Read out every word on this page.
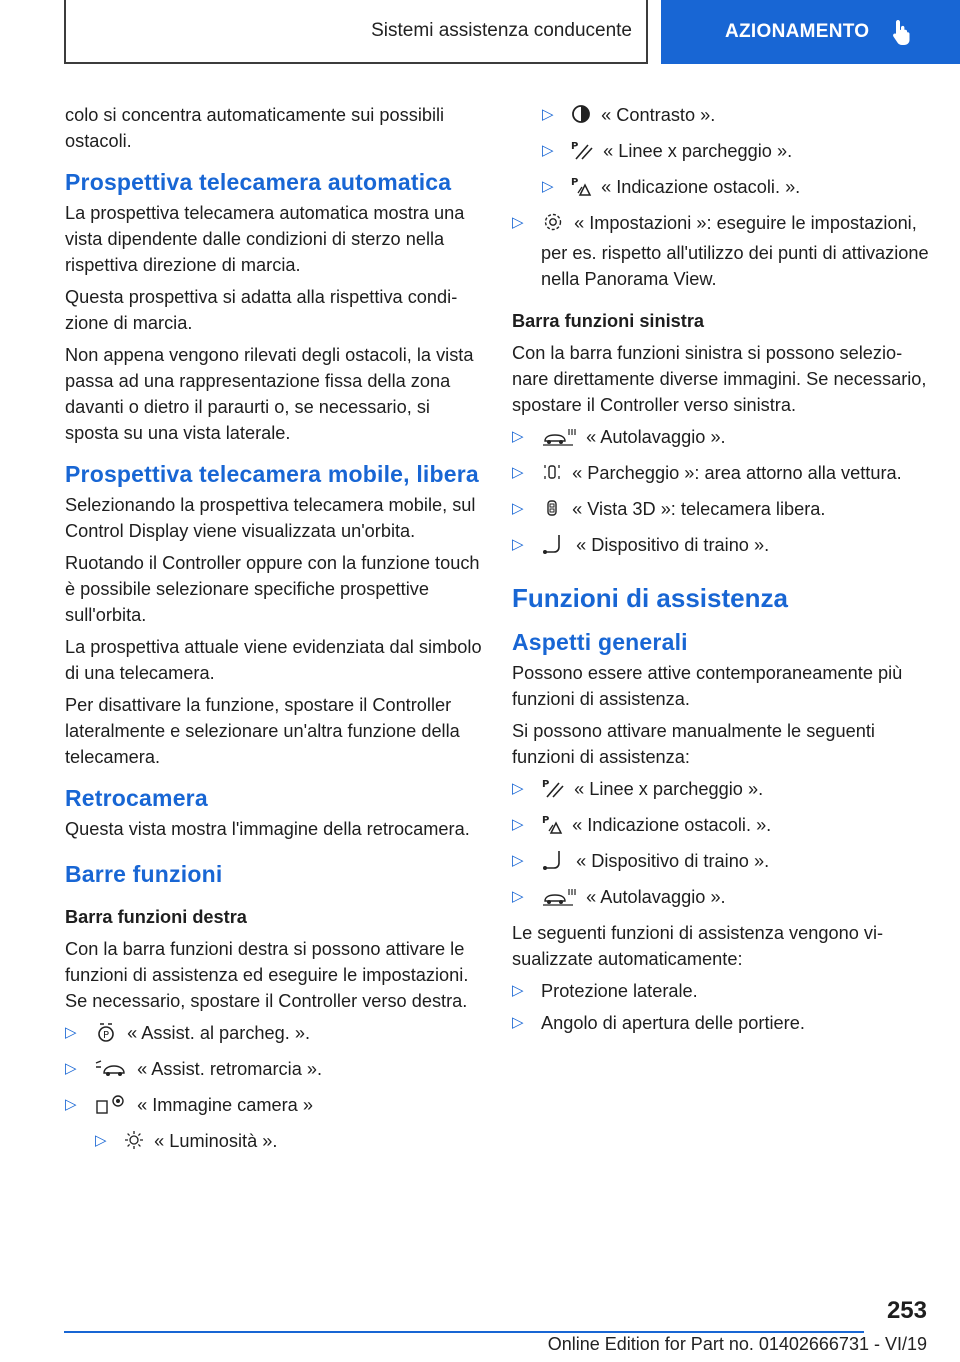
Sistemi assistenza conducente	AZIONAMENTO

colo si concentra automaticamente sui possibili ostacoli.

Prospettiva telecamera automatica

La prospettiva telecamera automatica mostra una vista dipendente dalle condizioni di sterzo nella rispettiva direzione di marcia.

Questa prospettiva si adatta alla rispettiva condizione di marcia.

Non appena vengono rilevati degli ostacoli, la vista passa ad una rappresentazione fissa della zona davanti o dietro il paraurti o, se necessario, si sposta su una vista laterale.

Prospettiva telecamera mobile, libera

Selezionando la prospettiva telecamera mobile, sul Control Display viene visualizzata un'orbita.

Ruotando il Controller oppure con la funzione touch è possibile selezionare specifiche prospettive sull'orbita.

La prospettiva attuale viene evidenziata dal simbolo di una telecamera.

Per disattivare la funzione, spostare il Controller lateralmente e selezionare un'altra funzione della telecamera.

Retrocamera

Questa vista mostra l'immagine della retrocamera.

Barre funzioni
Barra funzioni destra

Con la barra funzioni destra si possono attivare le funzioni di assistenza ed eseguire le impostazioni. Se necessario, spostare il Controller verso destra.

▷	P « Assist. al parcheg. ».
▷	« Assist. retromarcia ».
▷	« Immagine camera »
▷	« Luminosità ».
▷	« Contrasto ».
▷ P « Linee x parcheggio ».
▷ P « Indicazione ostacoli. ».
▷	« Impostazioni »: eseguire le impostazioni, per es. rispetto all'utilizzo dei punti di attivazione nella Panorama View.
Barra funzioni sinistra

Con la barra funzioni sinistra si possono selezionare direttamente diverse immagini. Se necessario, spostare il Controller verso sinistra.

▷	« Autolavaggio ».
▷	« Parcheggio »: area attorno alla vettura.
▷	« Vista 3D »: telecamera libera.
▷	« Dispositivo di traino ».
Funzioni di assistenza
Aspetti generali

Possono essere attive contemporaneamente più funzioni di assistenza.

Si possono attivare manualmente le seguenti funzioni di assistenza:

▷ P « Linee x parcheggio ».
▷ P « Indicazione ostacoli. ».
▷	« Dispositivo di traino ».
▷	« Autolavaggio ».

Le seguenti funzioni di assistenza vengono visualizzate automaticamente:

▷ Protezione laterale.
▷ Angolo di apertura delle portiere.
253
Online Edition for Part no. 01402666731 - VI/19
